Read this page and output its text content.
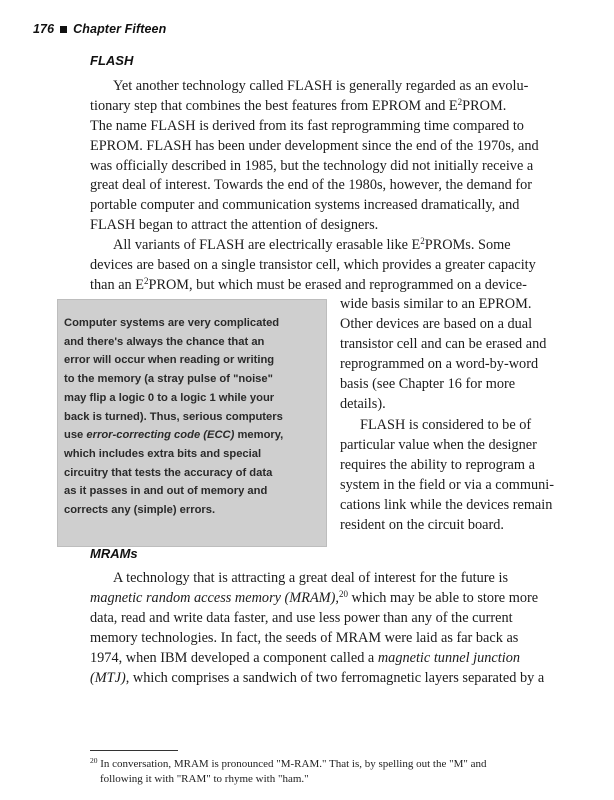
176 Chapter Fifteen
FLASH
Yet another technology called FLASH is generally regarded as an evolu-
tionary step that combines the best features from EPROM and $E^2PROM$.
The name FLASH is derived from its fast reprogramming time compared to
EPROM. FLASH has been under development since the end of the 1970s, and
was officially described in 1985, but the technology did not initially receive a
great deal of interest. Towards the end of the 1980s, however, the demand for
portable computer and communication systems increased dramatically, and
FLASH began to attract the attention of designers.
All variants of FLASH are electrically erasable like $E^2PROMs$. Some
devices are based on a single transistor cell, which provides a greater capacity
than an $E^2PROM$, but which must be erased and reprogrammed on a device-
wide basis similar to an EPROM.
Other devices are based on a dual
transistor cell and can be erased and
reprogrammed on a word-by-word
basis (see Chapter 16 for more
details).
FLASH is considered to be of
particular value when the designer
requires the ability to reprogram a
system in the field or via a communi-
cations link while the devices remain
resident on the circuit board.
Computer systems are very complicated
and there's always the chance that an
error will occur when reading or writing
to the memory (a stray pulse of "noise"
may flip a logic 0 to a logic 1 while your
back is turned). Thus, serious computers
use error-correcting code (ECC) memory,
which includes extra bits and special
circuitry that tests the accuracy of data
as it passes in and out of memory and
corrects any (simple) errors.
MRAMs
A technology that is attracting a great deal of interest for the future is
magnetic random access memory (MRAM),$^{20}$ which may be able to store more
data, read and write data faster, and use less power than any of the current
memory technologies. In fact, the seeds of MRAM were laid as far back as
1974, when IBM developed a component called a magnetic tunnel junction
(MTJ), which comprises a sandwich of two ferromagnetic layers separated by a
$^{20}$ In conversation, MRAM is pronounced "M-RAM." That is, by spelling out the "M" and
following it with "RAM" to rhyme with "ham."
